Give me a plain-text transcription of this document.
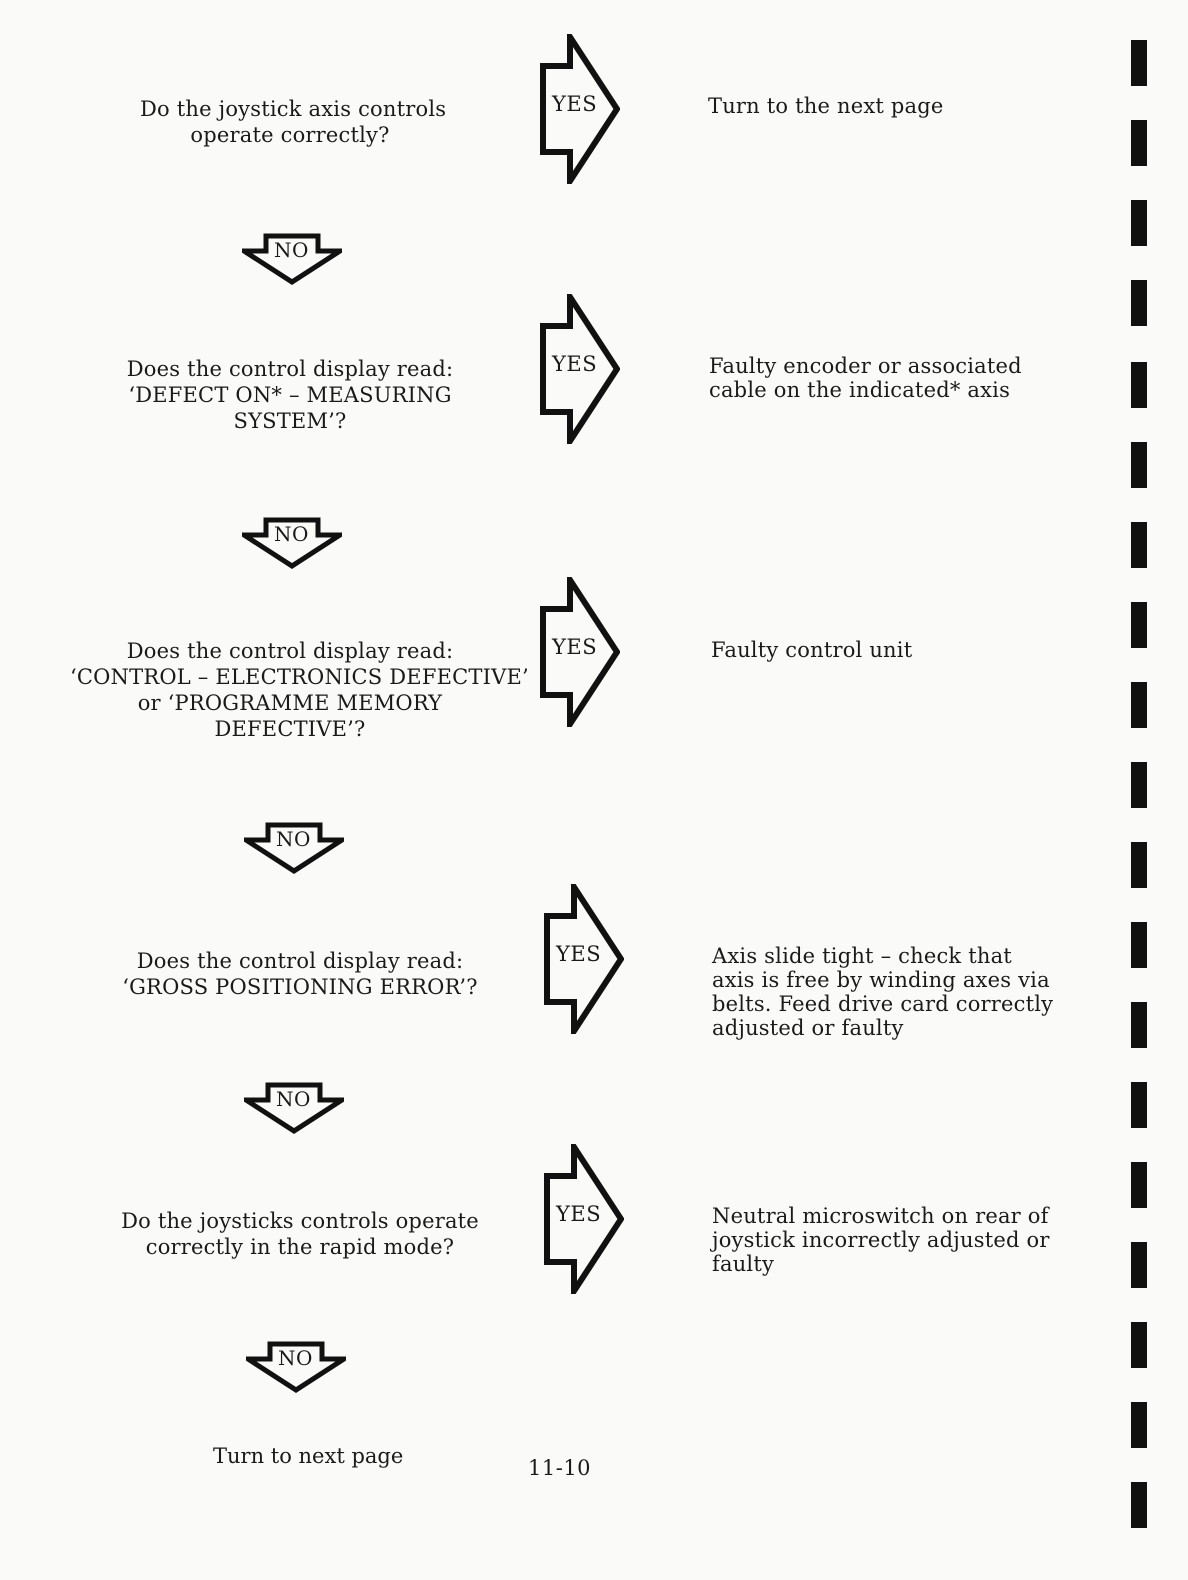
Do the joystick axis controls
operate correctly?
YES	Turn to the next page
NO
Does the control display read:
‘DEFECT ON* – MEASURING
SYSTEM’?
YES	Faulty encoder or associated
cable on the indicated* axis
NO
Does the control display read:
‘CONTROL – ELECTRONICS DEFECTIVE’
or ‘PROGRAMME MEMORY
DEFECTIVE’?
YES	Faulty control unit
NO
Does the control display read:
‘GROSS POSITIONING ERROR’?
YES	Axis slide tight – check that
axis is free by winding axes via
belts. Feed drive card correctly
adjusted or faulty
NO
Do the joysticks controls operate
correctly in the rapid mode?
YES	Neutral microswitch on rear of
joystick incorrectly adjusted or
faulty
NO
Turn to next page	11-10
